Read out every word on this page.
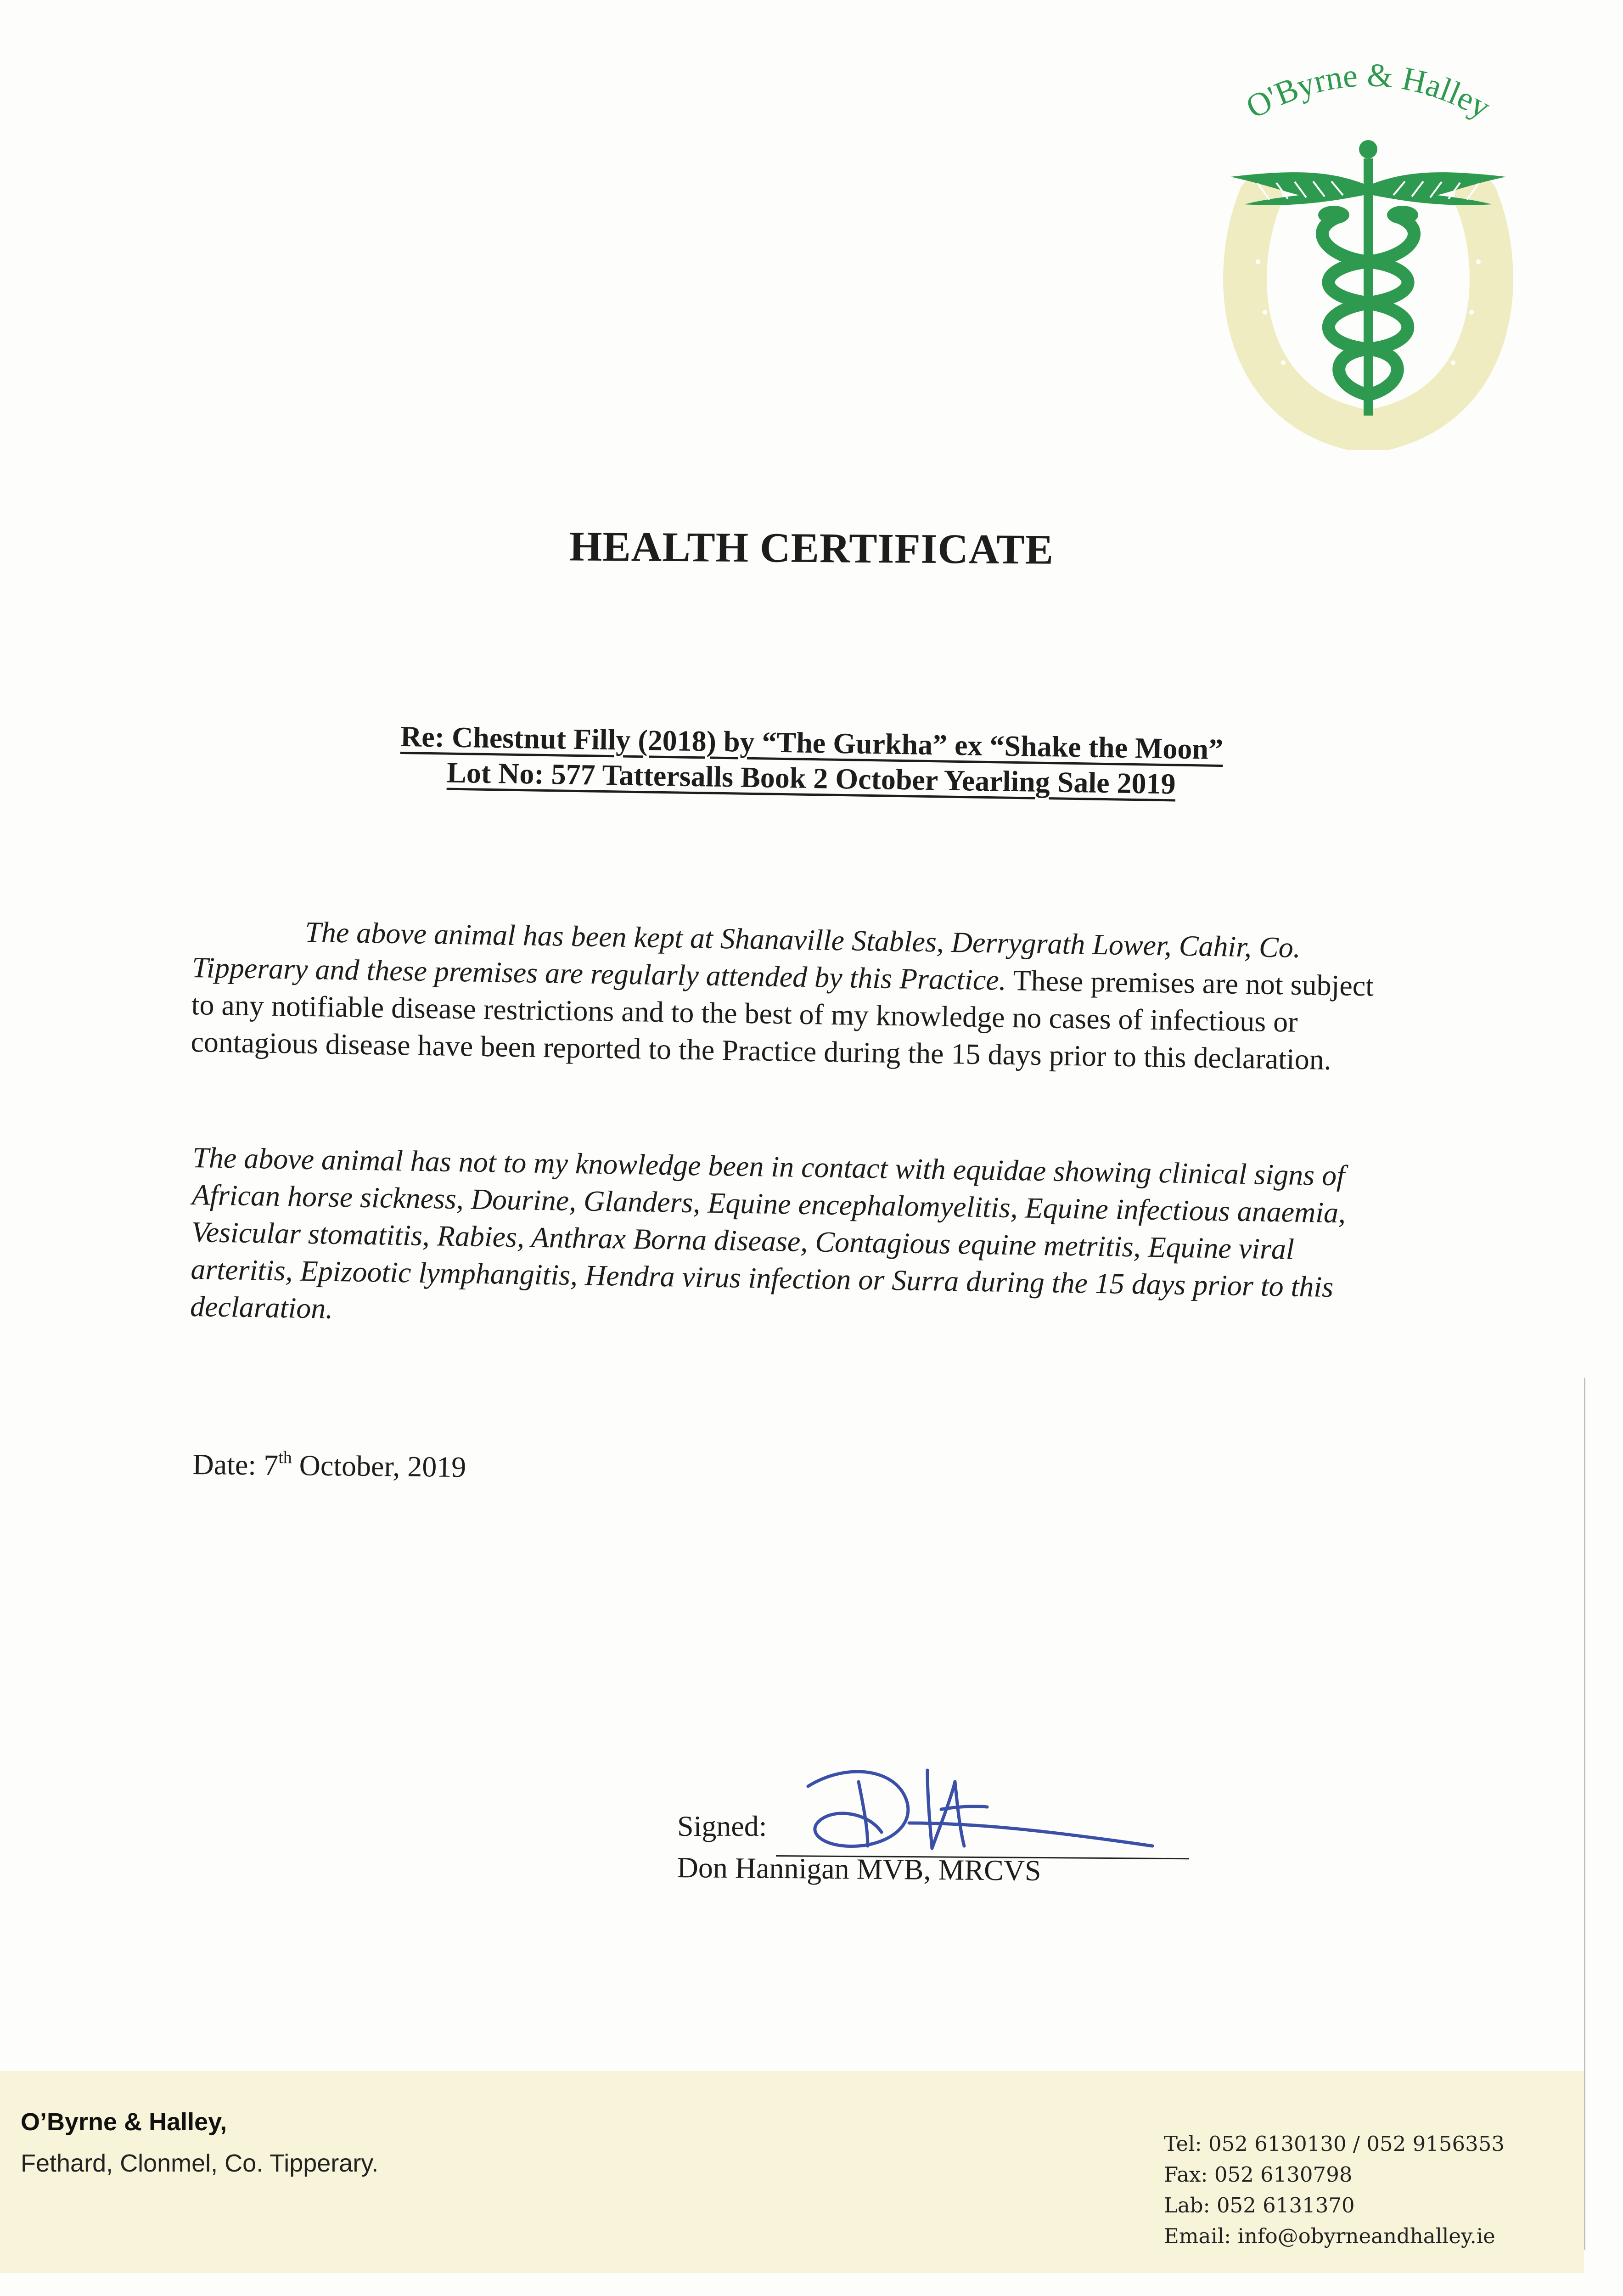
O'Byrne & Halley
HEALTH CERTIFICATE
Re: Chestnut Filly (2018) by “The Gurkha” ex “Shake the Moon”
Lot No: 577 Tattersalls Book 2 October Yearling Sale 2019
The above animal has been kept at Shanaville Stables, Derrygrath Lower, Cahir, Co. Tipperary and these premises are regularly attended by this Practice. These premises are not subject to any notifiable disease restrictions and to the best of my knowledge no cases of infectious or contagious disease have been reported to the Practice during the 15 days prior to this declaration.
The above animal has not to my knowledge been in contact with equidae showing clinical signs of African horse sickness, Dourine, Glanders, Equine encephalomyelitis, Equine infectious anaemia, Vesicular stomatitis, Rabies, Anthrax Borna disease, Contagious equine metritis, Equine viral arteritis, Epizootic lymphangitis, Hendra virus infection or Surra during the 15 days prior to this declaration.
Date: 7th October, 2019
Signed:
Don Hannigan MVB, MRCVS
O’Byrne & Halley,
Fethard, Clonmel, Co. Tipperary.
Tel: 052 6130130 / 052 9156353
Fax: 052 6130798
Lab: 052 6131370
Email: info@obyrneandhalley.ie
